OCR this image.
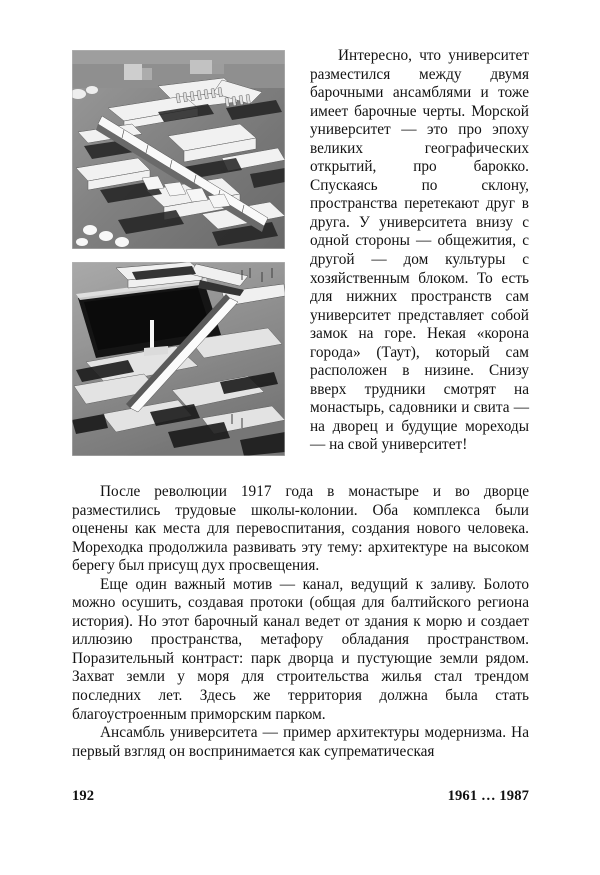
Интересно, что университет разместился между двумя барочными ансамблями и тоже имеет барочные черты. Морской университет — это про эпоху великих географических открытий, про барокко. Спускаясь по склону, пространства перетекают друг в друга. У университета внизу с одной стороны — общежития, с другой — дом культуры с хозяйственным блоком. То есть для нижних пространств сам университет представляет собой замок на горе. Некая «корона города» (Таут), который сам расположен в низине. Снизу вверх трудники смотрят на монастырь, садовники и свита — на дворец и будущие мореходы — на свой университет!

После революции 1917 года в монастыре и во дворце разместились трудовые школы-колонии. Оба комплекса были оценены как места для перевоспитания, создания нового человека. Мореходка продолжила развивать эту тему: архитектуре на высоком берегу был присущ дух просвещения.

Еще один важный мотив — канал, ведущий к заливу. Болото можно осушить, создавая протоки (общая для балтийского региона история). Но этот барочный канал ведет от здания к морю и создает иллюзию пространства, метафору обладания пространством. Поразительный контраст: парк дворца и пустующие земли рядом. Захват земли у моря для строительства жилья стал трендом последних лет. Здесь же территория должна была стать благоустроенным приморским парком.

Ансамбль университета — пример архитектуры модернизма. На первый взгляд он воспринимается как супрематическая

192	1961 … 1987
